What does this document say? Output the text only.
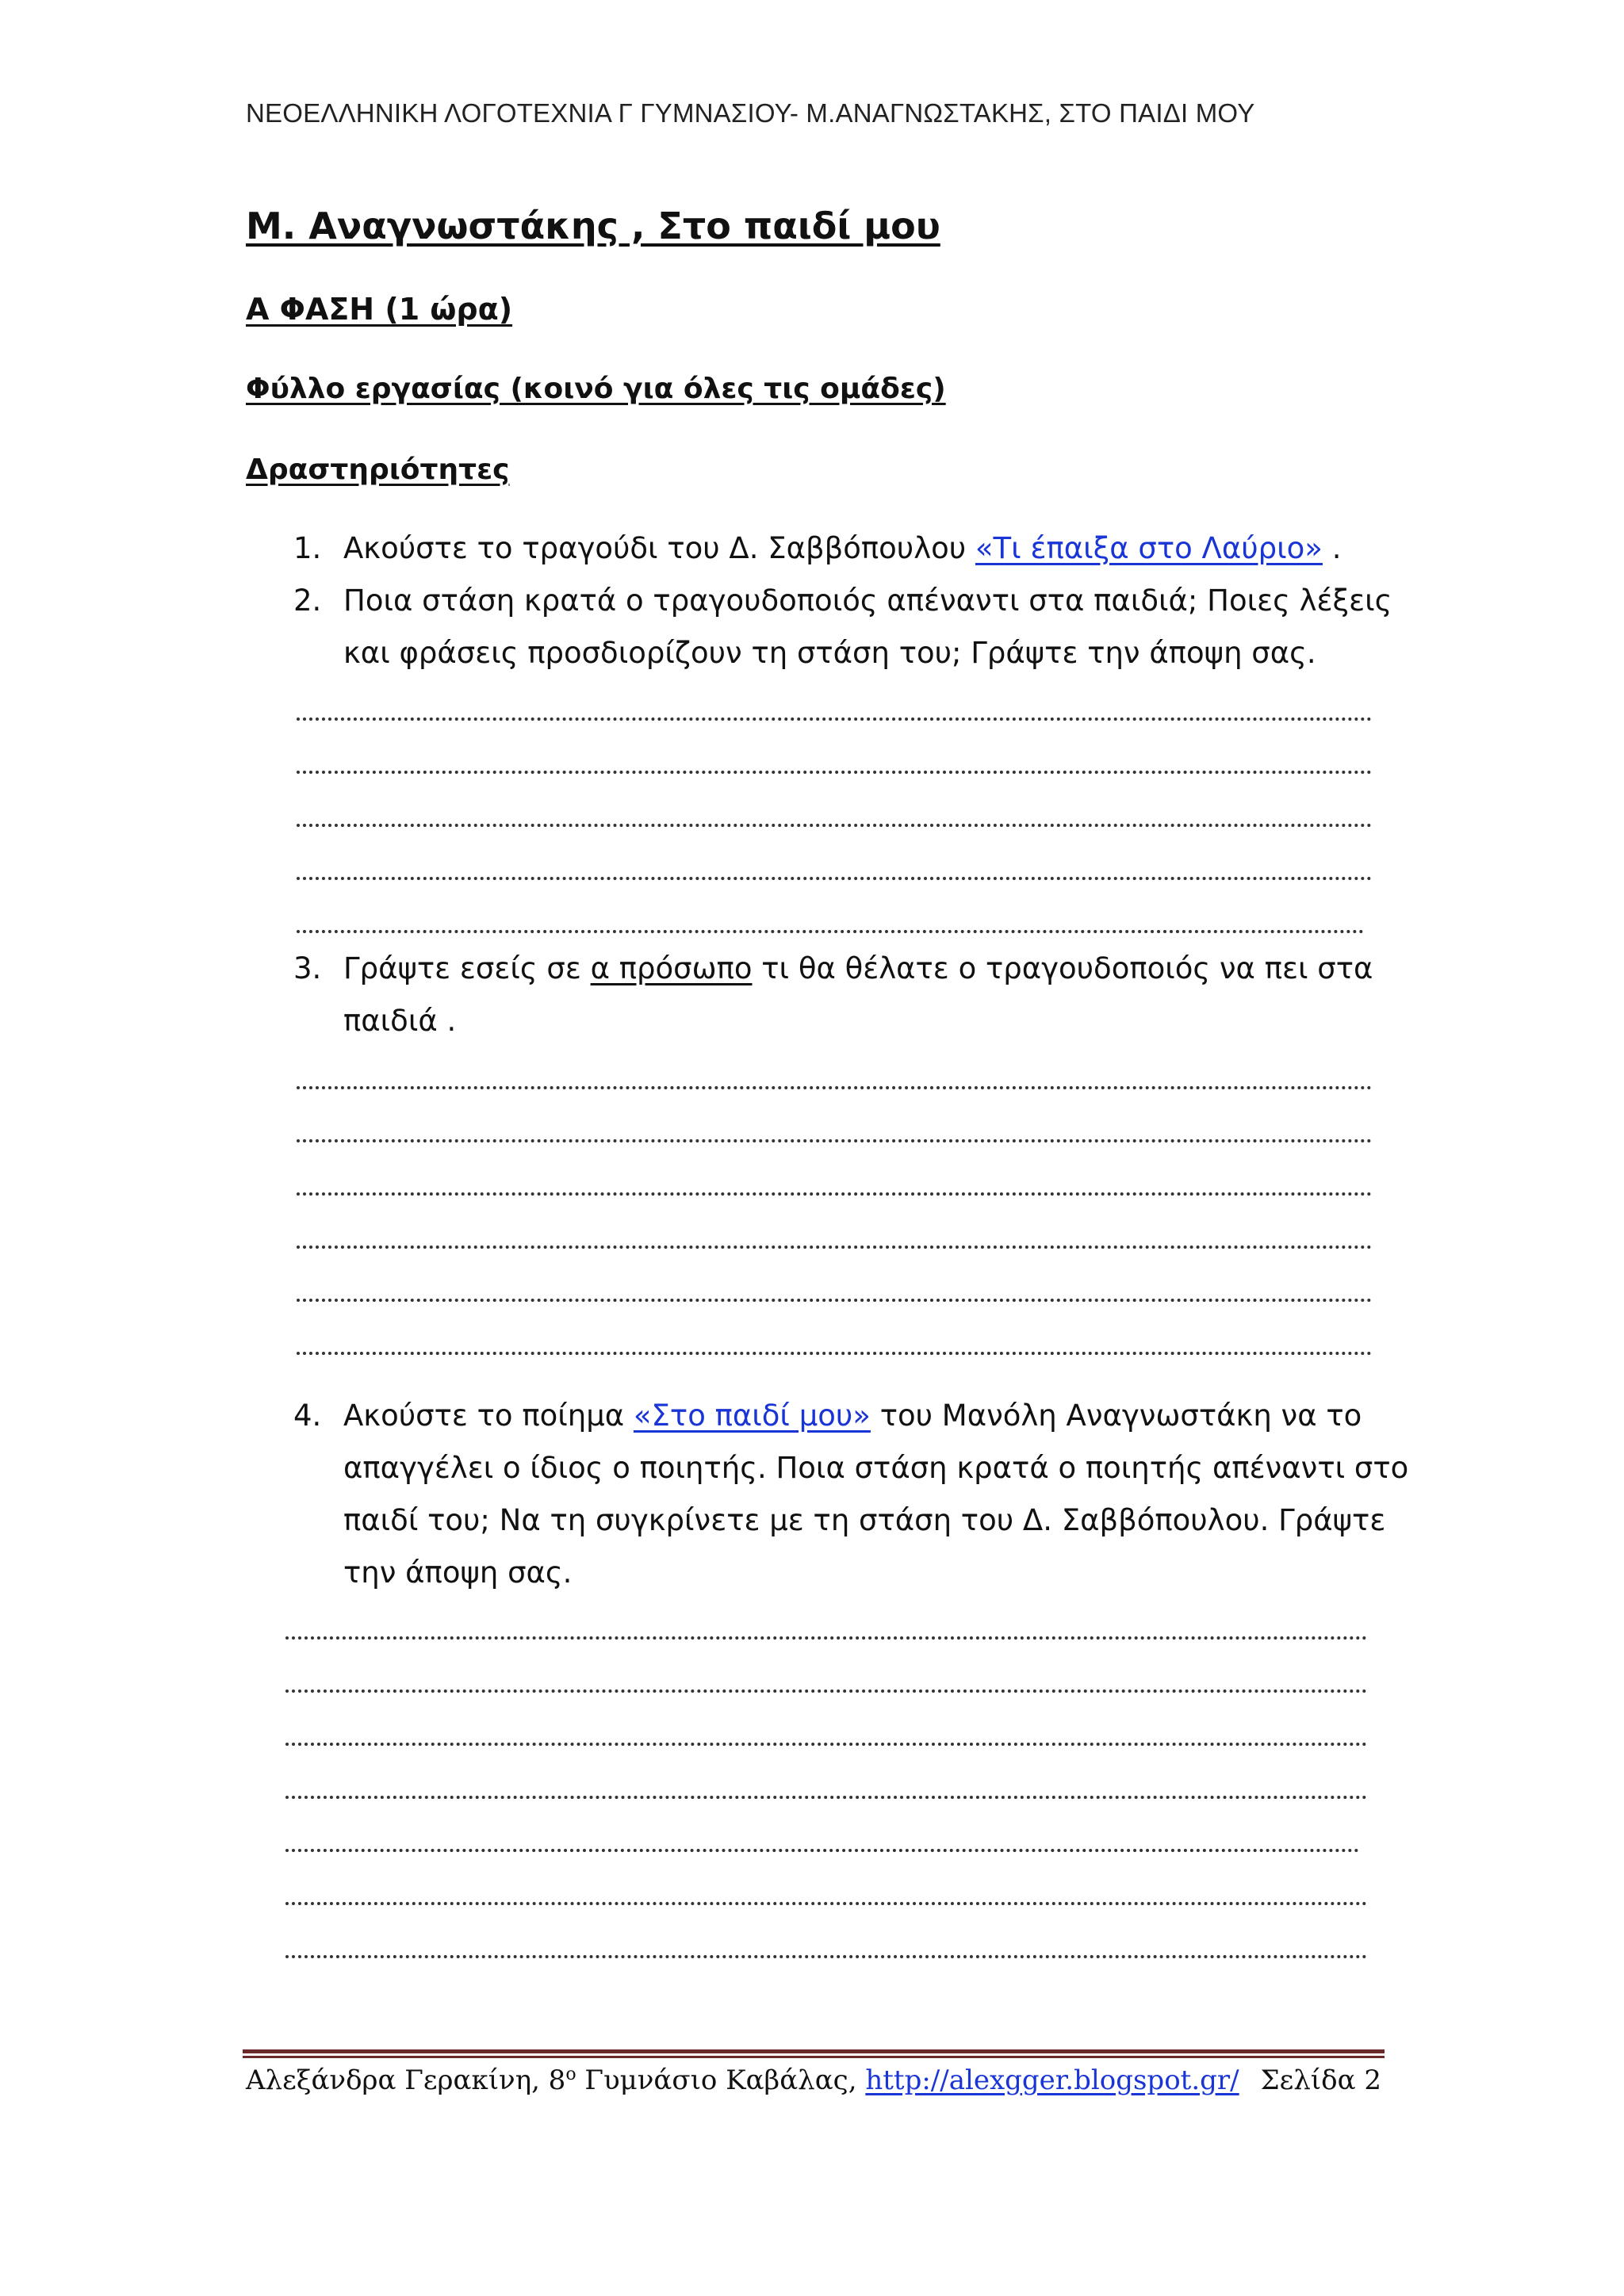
ΝΕΟΕΛΛΗΝΙΚΗ ΛΟΓΟΤΕΧΝΙΑ Γ ΓΥΜΝΑΣΙΟΥ- Μ.ΑΝΑΓΝΩΣΤΑΚΗΣ, ΣΤΟ ΠΑΙΔΙ ΜΟΥ
Μ. Αναγνωστάκης , Στο παιδί μου
Α ΦΑΣΗ (1 ώρα)
Φύλλο εργασίας (κοινό για όλες τις ομάδες)
Δραστηριότητες
1. Ακούστε το τραγούδι του Δ. Σαββόπουλου «Τι έπαιξα στο Λαύριο» .
2. Ποια στάση κρατά ο τραγουδοποιός απέναντι στα παιδιά; Ποιες λέξεις
και φράσεις προσδιορίζουν τη στάση του; Γράψτε την άποψη σας.
3. Γράψτε εσείς σε α πρόσωπο τι θα θέλατε ο τραγουδοποιός να πει στα
παιδιά .
4. Ακούστε το ποίημα «Στο παιδί μου» του Μανόλη Αναγνωστάκη να το
απαγγέλει ο ίδιος ο ποιητής. Ποια στάση κρατά ο ποιητής απέναντι στο
παιδί του; Να τη συγκρίνετε με τη στάση του Δ. Σαββόπουλου. Γράψτε
την άποψη σας.
Αλεξάνδρα Γερακίνη, $8^o$ Γυμνάσιο Καβάλας, http://alexgger.blogspot.gr/ Σελίδα 2
